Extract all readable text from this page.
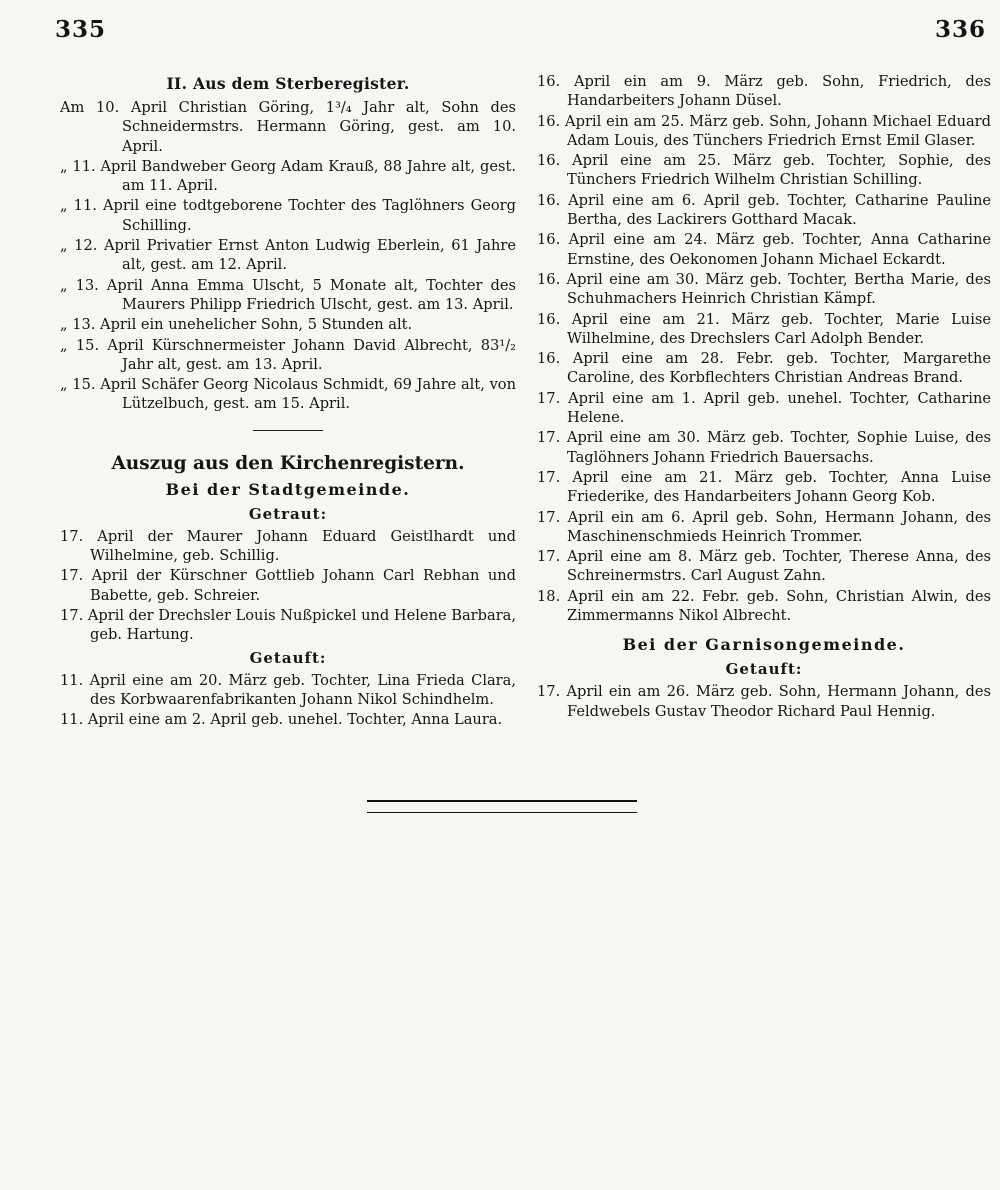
335	336
II. Aus dem Sterberegister.

Am 10. April Christian Göring, 1³/₄ Jahr alt, Sohn des Schneidermstrs. Hermann Göring, gest. am 10. April.

„ 11. April Bandweber Georg Adam Krauß, 88 Jahre alt, gest. am 11. April.

„ 11. April eine todtgeborene Tochter des Taglöhners Georg Schilling.

„ 12. April Privatier Ernst Anton Ludwig Eberlein, 61 Jahre alt, gest. am 12. April.

„ 13. April Anna Emma Ulscht, 5 Monate alt, Tochter des Maurers Philipp Friedrich Ulscht, gest. am 13. April.

„ 13. April ein unehelicher Sohn, 5 Stunden alt.

„ 15. April Kürschnermeister Johann David Albrecht, 83¹/₂ Jahr alt, gest. am 13. April.

„ 15. April Schäfer Georg Nicolaus Schmidt, 69 Jahre alt, von Lützelbuch, gest. am 15. April.

Auszug aus den Kirchenregistern.
Bei der Stadtgemeinde.
Getraut:

17. April der Maurer Johann Eduard Geistlhardt und Wilhelmine, geb. Schillig.

17. April der Kürschner Gottlieb Johann Carl Rebhan und Babette, geb. Schreier.

17. April der Drechsler Louis Nußpickel und Helene Barbara, geb. Hartung.

Getauft:

11. April eine am 20. März geb. Tochter, Lina Frieda Clara, des Korbwaarenfabrikanten Johann Nikol Schindhelm.

11. April eine am 2. April geb. unehel. Tochter, Anna Laura.

16. April ein am 9. März geb. Sohn, Friedrich, des Handarbeiters Johann Düsel.

16. April ein am 25. März geb. Sohn, Johann Michael Eduard Adam Louis, des Tünchers Friedrich Ernst Emil Glaser.

16. April eine am 25. März geb. Tochter, Sophie, des Tünchers Friedrich Wilhelm Christian Schilling.

16. April eine am 6. April geb. Tochter, Catharine Pauline Bertha, des Lackirers Gotthard Macak.

16. April eine am 24. März geb. Tochter, Anna Catharine Ernstine, des Oekonomen Johann Michael Eckardt.

16. April eine am 30. März geb. Tochter, Bertha Marie, des Schuhmachers Heinrich Christian Kämpf.

16. April eine am 21. März geb. Tochter, Marie Luise Wilhelmine, des Drechslers Carl Adolph Bender.

16. April eine am 28. Febr. geb. Tochter, Margarethe Caroline, des Korbflechters Christian Andreas Brand.

17. April eine am 1. April geb. unehel. Tochter, Catharine Helene.

17. April eine am 30. März geb. Tochter, Sophie Luise, des Taglöhners Johann Friedrich Bauersachs.

17. April eine am 21. März geb. Tochter, Anna Luise Friederike, des Handarbeiters Johann Georg Kob.

17. April ein am 6. April geb. Sohn, Hermann Johann, des Maschinenschmieds Heinrich Trommer.

17. April eine am 8. März geb. Tochter, Therese Anna, des Schreinermstrs. Carl August Zahn.

18. April ein am 22. Febr. geb. Sohn, Christian Alwin, des Zimmermanns Nikol Albrecht.

Bei der Garnisongemeinde.
Getauft:

17. April ein am 26. März geb. Sohn, Hermann Johann, des Feldwebels Gustav Theodor Richard Paul Hennig.
